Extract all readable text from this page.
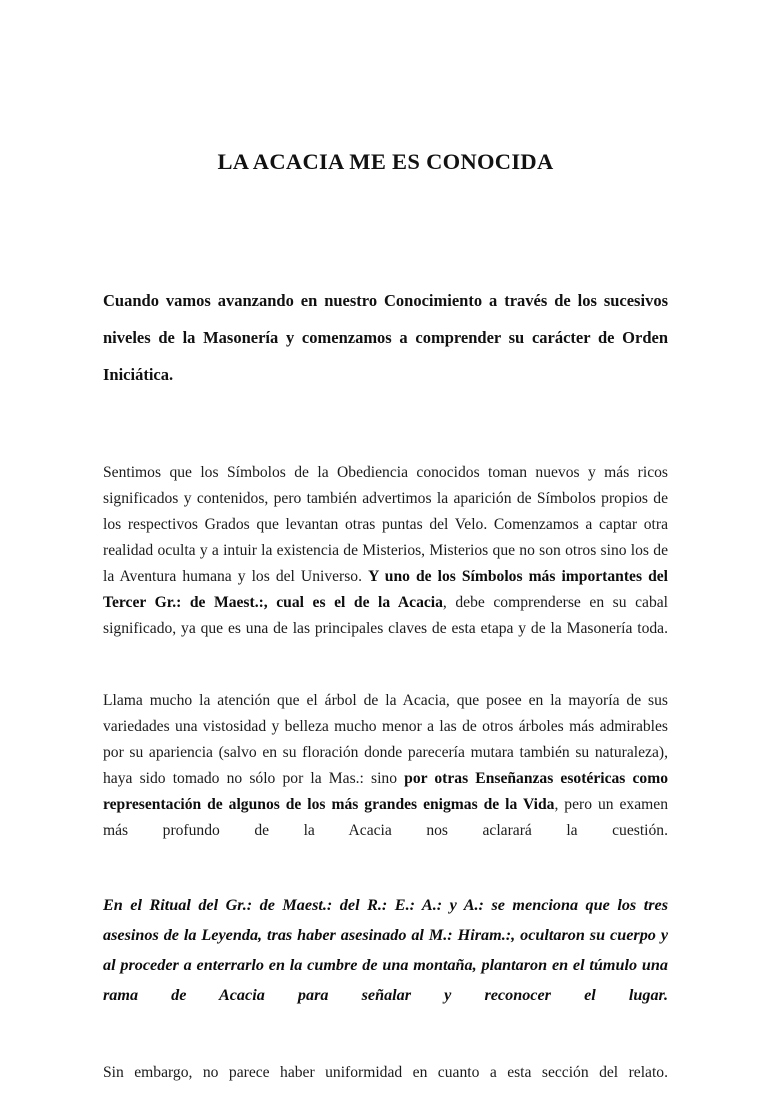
LA ACACIA ME ES CONOCIDA

Cuando vamos avanzando en nuestro Conocimiento a través de los sucesivos niveles de la Masonería y comenzamos a comprender su carácter de Orden Iniciática.

Sentimos que los Símbolos de la Obediencia conocidos toman nuevos y más ricos significados y contenidos, pero también advertimos la aparición de Símbolos propios de los respectivos Grados que levantan otras puntas del Velo. Comenzamos a captar otra realidad oculta y a intuir la existencia de Misterios, Misterios que no son otros sino los de la Aventura humana y los del Universo. Y uno de los Símbolos más importantes del Tercer Gr.: de Maest.:, cual es el de la Acacia, debe comprenderse en su cabal significado, ya que es una de las principales claves de esta etapa y de la Masonería toda.

Llama mucho la atención que el árbol de la Acacia, que posee en la mayoría de sus variedades una vistosidad y belleza mucho menor a las de otros árboles más admirables por su apariencia (salvo en su floración donde parecería mutara también su naturaleza), haya sido tomado no sólo por la Mas.: sino por otras Enseñanzas esotéricas como representación de algunos de los más grandes enigmas de la Vida, pero un examen más profundo de la Acacia nos aclarará la cuestión.

En el Ritual del Gr.: de Maest.: del R.: E.: A.: y A.: se menciona que los tres asesinos de la Leyenda, tras haber asesinado al M.: Hiram.:, ocultaron su cuerpo y al proceder a enterrarlo en la cumbre de una montaña, plantaron en el túmulo una rama de Acacia para señalar y reconocer el lugar.

Sin embargo, no parece haber uniformidad en cuanto a esta sección del relato.
